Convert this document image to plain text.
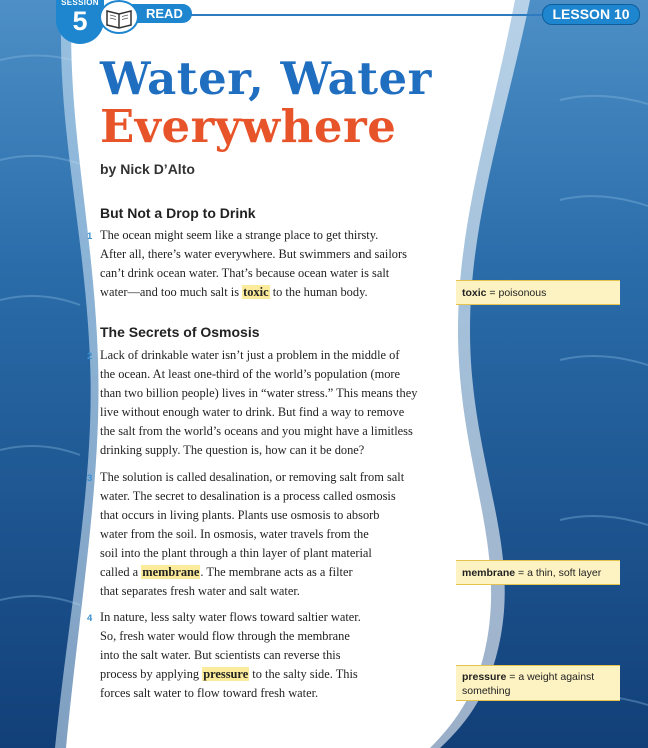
SESSION
5	READ	LESSON 10
Water, Water
Everywhere
by Nick D’Alto
But Not a Drop to Drink
1 The ocean might seem like a strange place to get thirsty.
After all, there’s water everywhere. But swimmers and sailors
can’t drink ocean water. That’s because ocean water is salt
water—and too much salt is toxic to the human body.	toxic = poisonous
The Secrets of Osmosis
2 Lack of drinkable water isn’t just a problem in the middle of
the ocean. At least one-third of the world’s population (more
than two billion people) lives in “water stress.” This means they
live without enough water to drink. But find a way to remove
the salt from the world’s oceans and you might have a limitless
drinking supply. The question is, how can it be done?
3 The solution is called desalination, or removing salt from salt
water. The secret to desalination is a process called osmosis
that occurs in living plants. Plants use osmosis to absorb
water from the soil. In osmosis, water travels from the
soil into the plant through a thin layer of plant material
called a membrane. The membrane acts as a filter
that separates fresh water and salt water.
membrane = a thin, soft layer
4 In nature, less salty water flows toward saltier water.
So, fresh water would flow through the membrane
into the salt water. But scientists can reverse this
process by applying pressure to the salty side. This
forces salt water to flow toward fresh water.
pressure = a weight against something
